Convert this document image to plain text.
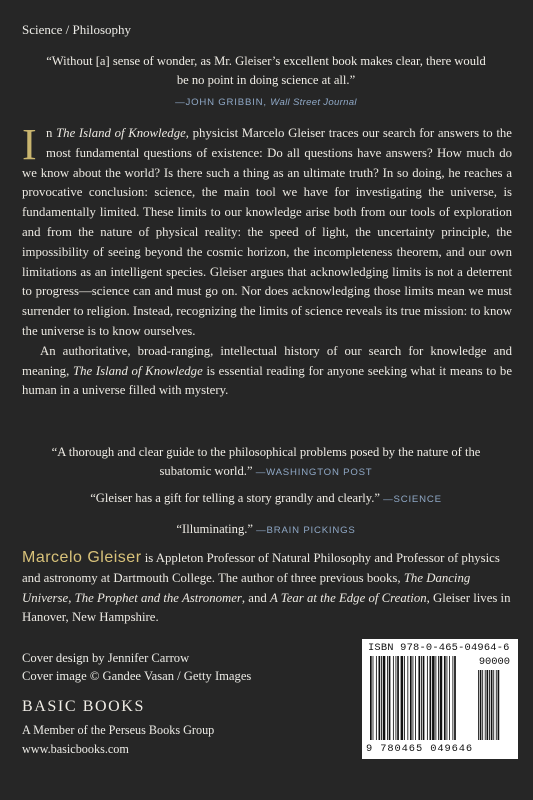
Science / Philosophy
“Without [a] sense of wonder, as Mr. Gleiser’s excellent book makes clear, there would be no point in doing science at all.”
—JOHN GRIBBIN, Wall Street Journal

In The Island of Knowledge, physicist Marcelo Gleiser traces our search for answers to the most fundamental questions of existence: Do all questions have answers? How much do we know about the world? Is there such a thing as an ultimate truth? In so doing, he reaches a provocative conclusion: science, the main tool we have for investigating the universe, is fundamentally limited. These limits to our knowledge arise both from our tools of exploration and from the nature of physical reality: the speed of light, the uncertainty principle, the impossibility of seeing beyond the cosmic horizon, the incompleteness theorem, and our own limitations as an intelligent species. Gleiser argues that acknowledging limits is not a deterrent to progress—science can and must go on. Nor does acknowledging those limits mean we must surrender to religion. Instead, recognizing the limits of science reveals its true mission: to know the universe is to know ourselves.

An authoritative, broad-ranging, intellectual history of our search for knowledge and meaning, The Island of Knowledge is essential reading for anyone seeking what it means to be human in a universe filled with mystery.

“A thorough and clear guide to the philosophical problems posed by the nature of the subatomic world.” —WASHINGTON POST
“Gleiser has a gift for telling a story grandly and clearly.” —SCIENCE
“Illuminating.” —BRAIN PICKINGS
Marcelo Gleiser is Appleton Professor of Natural Philosophy and Professor of physics and astronomy at Dartmouth College. The author of three previous books, The Dancing Universe, The Prophet and the Astronomer, and A Tear at the Edge of Creation, Gleiser lives in Hanover, New Hampshire.
Cover design by Jennifer Carrow
Cover image © Gandee Vasan / Getty Images
BASIC BOOKS
A Member of the Perseus Books Group
www.basicbooks.com
ISBN 978-0-465-04964-6
90000
9 780465 049646
